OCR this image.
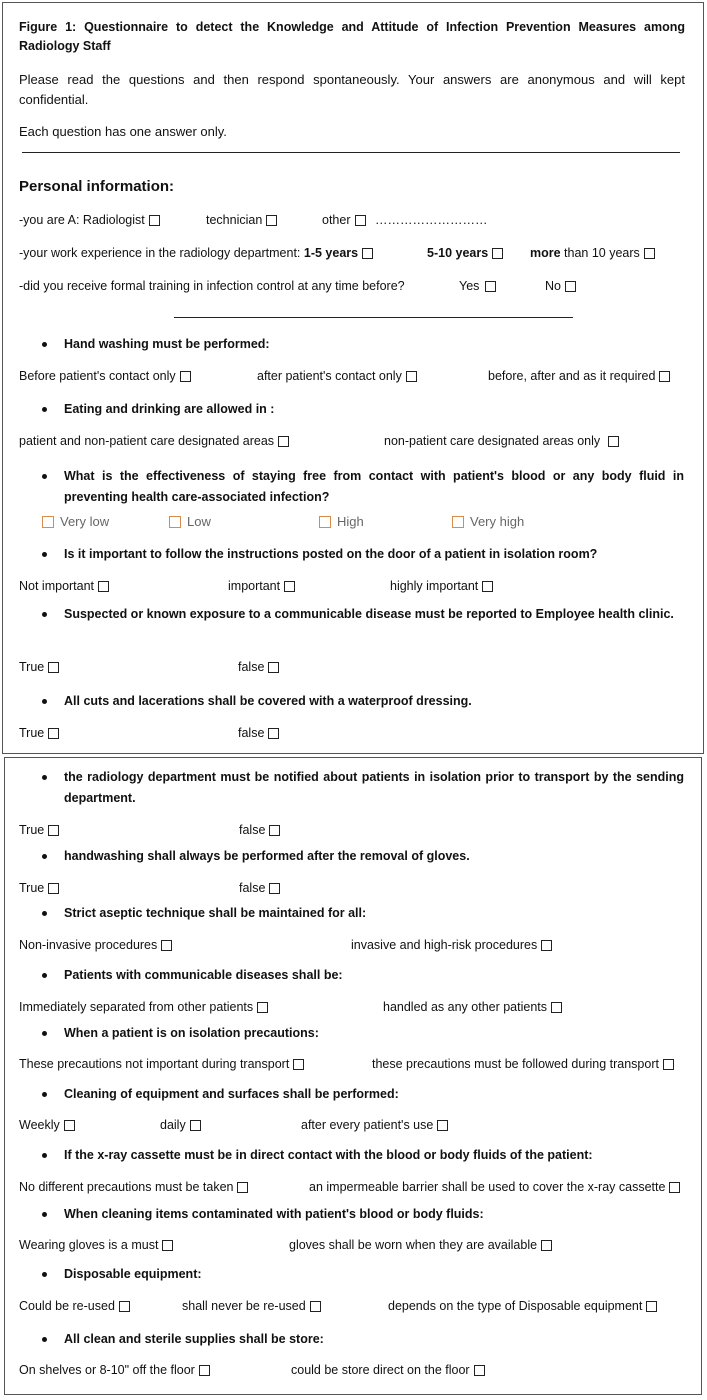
Figure 1: Questionnaire to detect the Knowledge and Attitude of Infection Prevention Measures among Radiology Staff
Please read the questions and then respond spontaneously. Your answers are anonymous and will kept confidential.
Each question has one answer only.
Personal information:
-you are A: Radiologist	technician	other ………………………
-your work experience in the radiology department: 1-5 years	5-10 years	more than 10 years
-did you receive formal training in infection control at any time before?	Yes	No
Hand washing must be performed:
Before patient's contact only	after patient's contact only	before, after and as it required
Eating and drinking are allowed in :
patient and non-patient care designated areas	non-patient care designated areas only
What is the effectiveness of staying free from contact with patient's blood or any body fluid in preventing health care-associated infection?
Very low	Low	High	Very high
Is it important to follow the instructions posted on the door of a patient in isolation room?
Not important	important	highly important
Suspected or known exposure to a communicable disease must be reported to Employee health clinic.
True	false
All cuts and lacerations shall be covered with a waterproof dressing.
True	false
the radiology department must be notified about patients in isolation prior to transport by the sending department.
True	false
handwashing shall always be performed after the removal of gloves.
True	false
Strict aseptic technique shall be maintained for all:
Non-invasive procedures	invasive and high-risk procedures
Patients with communicable diseases shall be:
Immediately separated from other patients	handled as any other patients
When a patient is on isolation precautions:
These precautions not important during transport	these precautions must be followed during transport
Cleaning of equipment and surfaces shall be performed:
Weekly	daily	after every patient's use
If the x-ray cassette must be in direct contact with the blood or body fluids of the patient:
No different precautions must be taken	an impermeable barrier shall be used to cover the x-ray cassette
When cleaning items contaminated with patient's blood or body fluids:
Wearing gloves is a must	gloves shall be worn when they are available
Disposable equipment:
Could be re-used	shall never be re-used	depends on the type of Disposable equipment
All clean and sterile supplies shall be store:
On shelves or 8-10" off the floor	could be store direct on the floor
